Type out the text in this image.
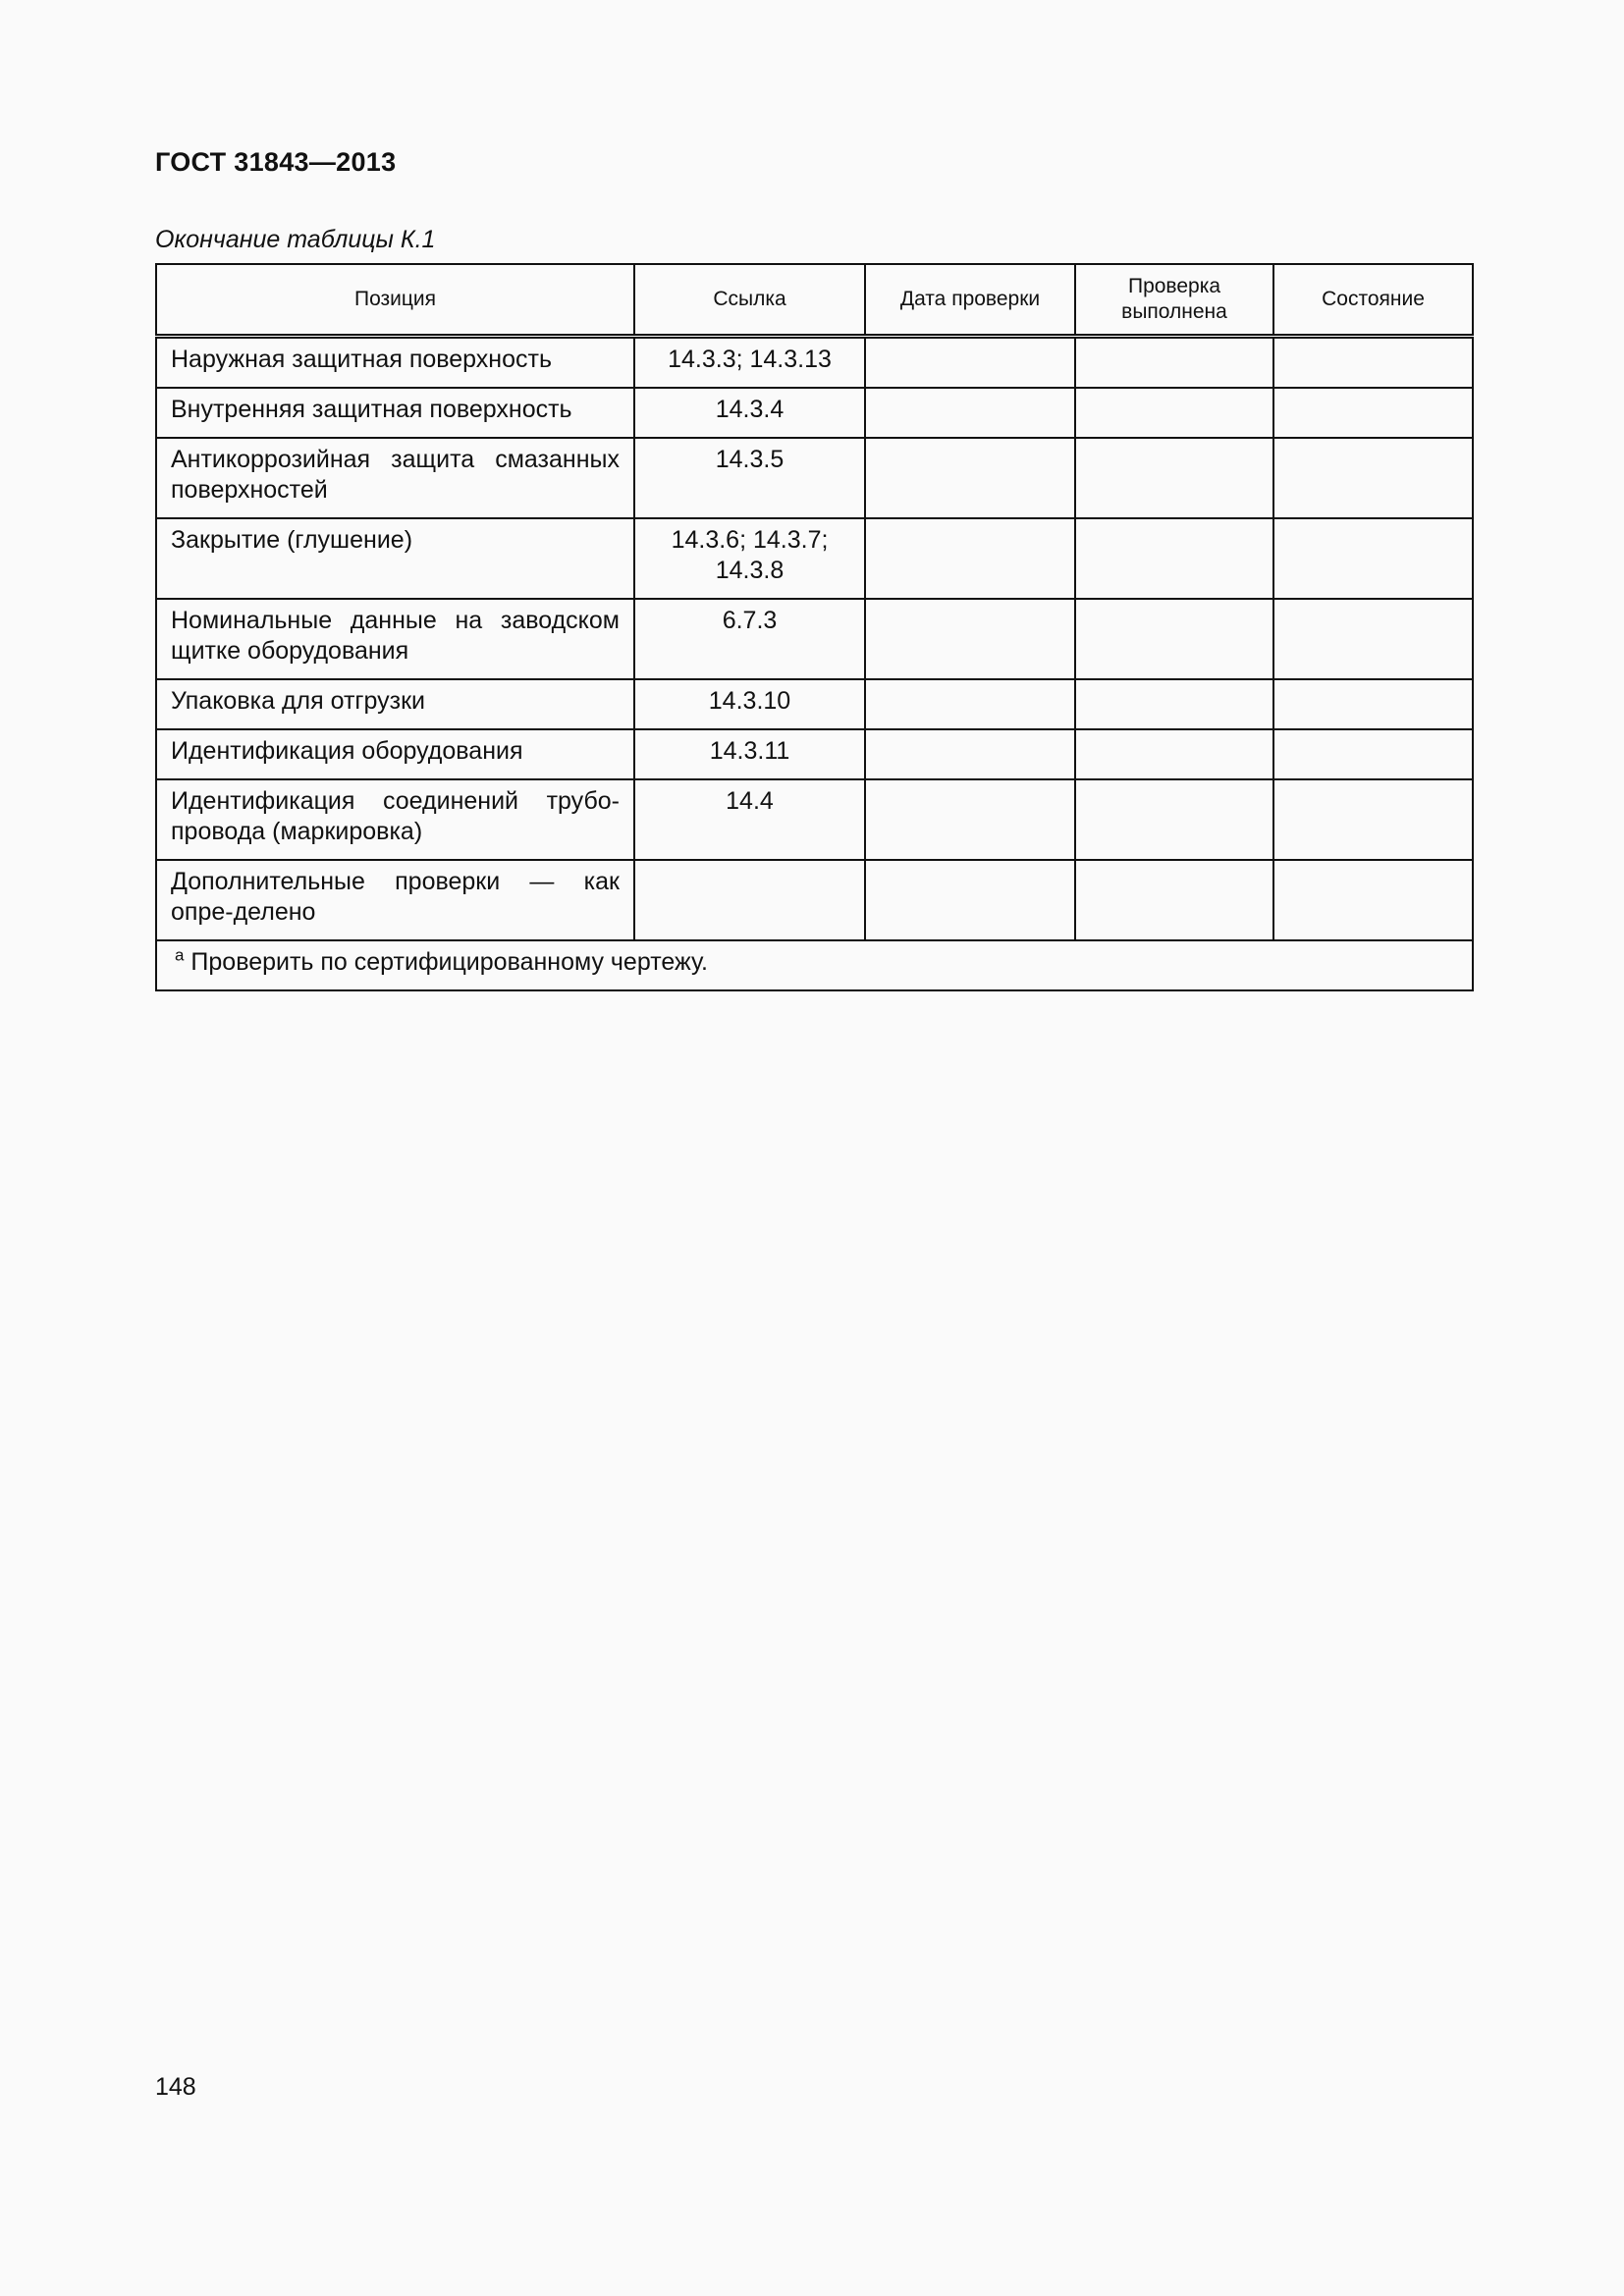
ГОСТ 31843—2013
Окончание таблицы К.1
Позиция	Ссылка	Дата проверки	Проверка выполнена	Состояние
Наружная защитная поверхность	14.3.3; 14.3.13			
Внутренняя защитная поверхность	14.3.4			
Антикоррозийная защита смазанных поверхностей	14.3.5			
Закрытие (глушение)	14.3.6; 14.3.7; 14.3.8			
Номинальные данные на заводском щитке оборудования	6.7.3			
Упаковка для отгрузки	14.3.10			
Идентификация оборудования	14.3.11			
Идентификация соединений трубо-провода (маркировка)	14.4			
Дополнительные проверки — как опре-делено				
$^a$ Проверить по сертифицированному чертежу.				
148
